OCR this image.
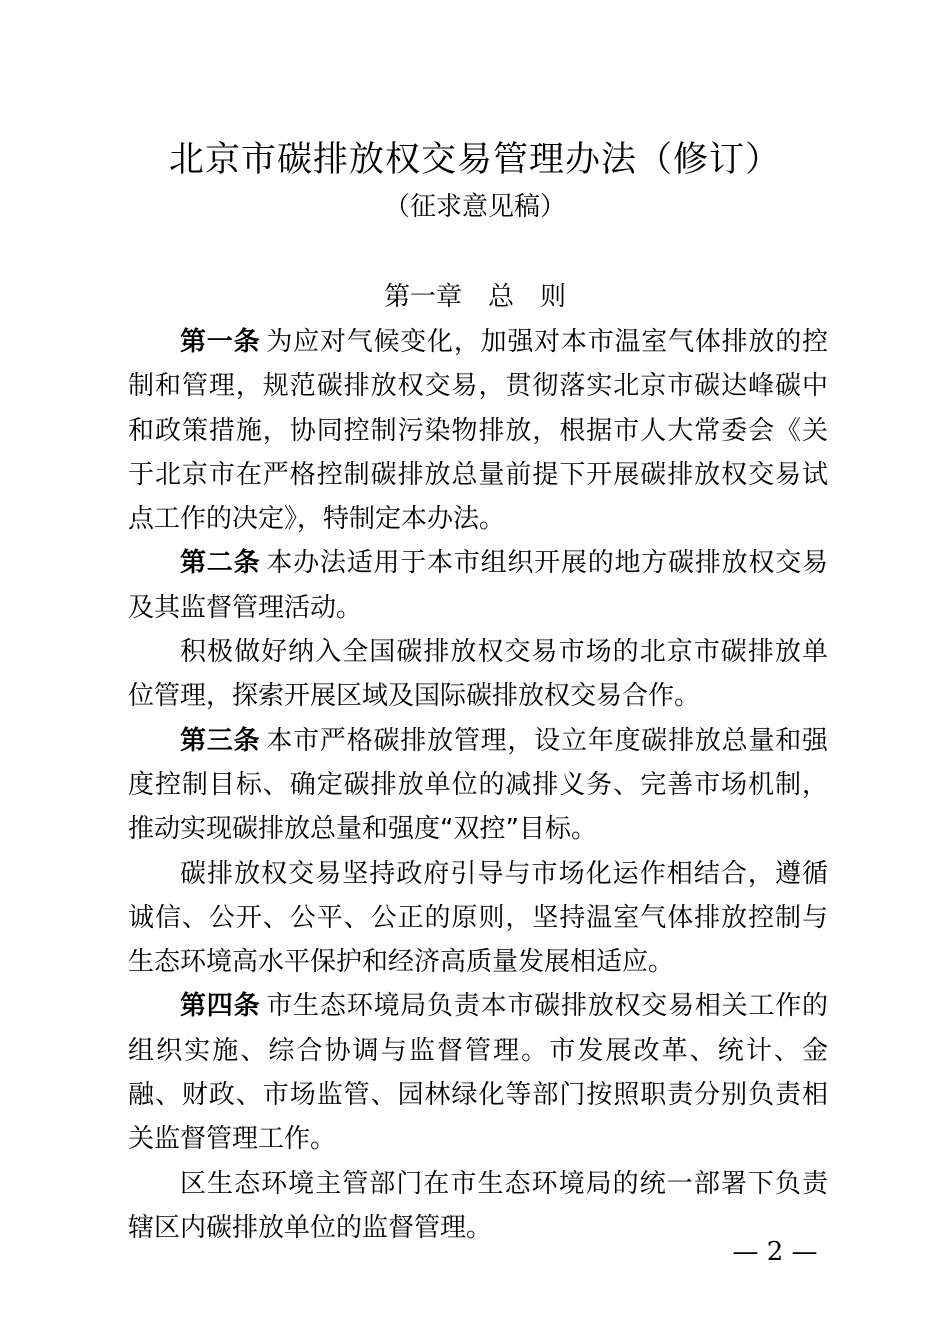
北京市碳排放权交易管理办法（修订）
（征求意见稿）
第一章　总　则

第一条 为应对气候变化，加强对本市温室气体排放的控制和管理，规范碳排放权交易，贯彻落实北京市碳达峰碳中和政策措施，协同控制污染物排放，根据市人大常委会《关于北京市在严格控制碳排放总量前提下开展碳排放权交易试点工作的决定》，特制定本办法。

第二条 本办法适用于本市组织开展的地方碳排放权交易及其监督管理活动。

积极做好纳入全国碳排放权交易市场的北京市碳排放单位管理，探索开展区域及国际碳排放权交易合作。

第三条 本市严格碳排放管理，设立年度碳排放总量和强度控制目标、确定碳排放单位的减排义务、完善市场机制，推动实现碳排放总量和强度“双控”目标。

碳排放权交易坚持政府引导与市场化运作相结合，遵循诚信、公开、公平、公正的原则，坚持温室气体排放控制与生态环境高水平保护和经济高质量发展相适应。

第四条 市生态环境局负责本市碳排放权交易相关工作的组织实施、综合协调与监督管理。市发展改革、统计、金融、财政、市场监管、园林绿化等部门按照职责分别负责相关监督管理工作。

区生态环境主管部门在市生态环境局的统一部署下负责辖区内碳排放单位的监督管理。

— 2 —
